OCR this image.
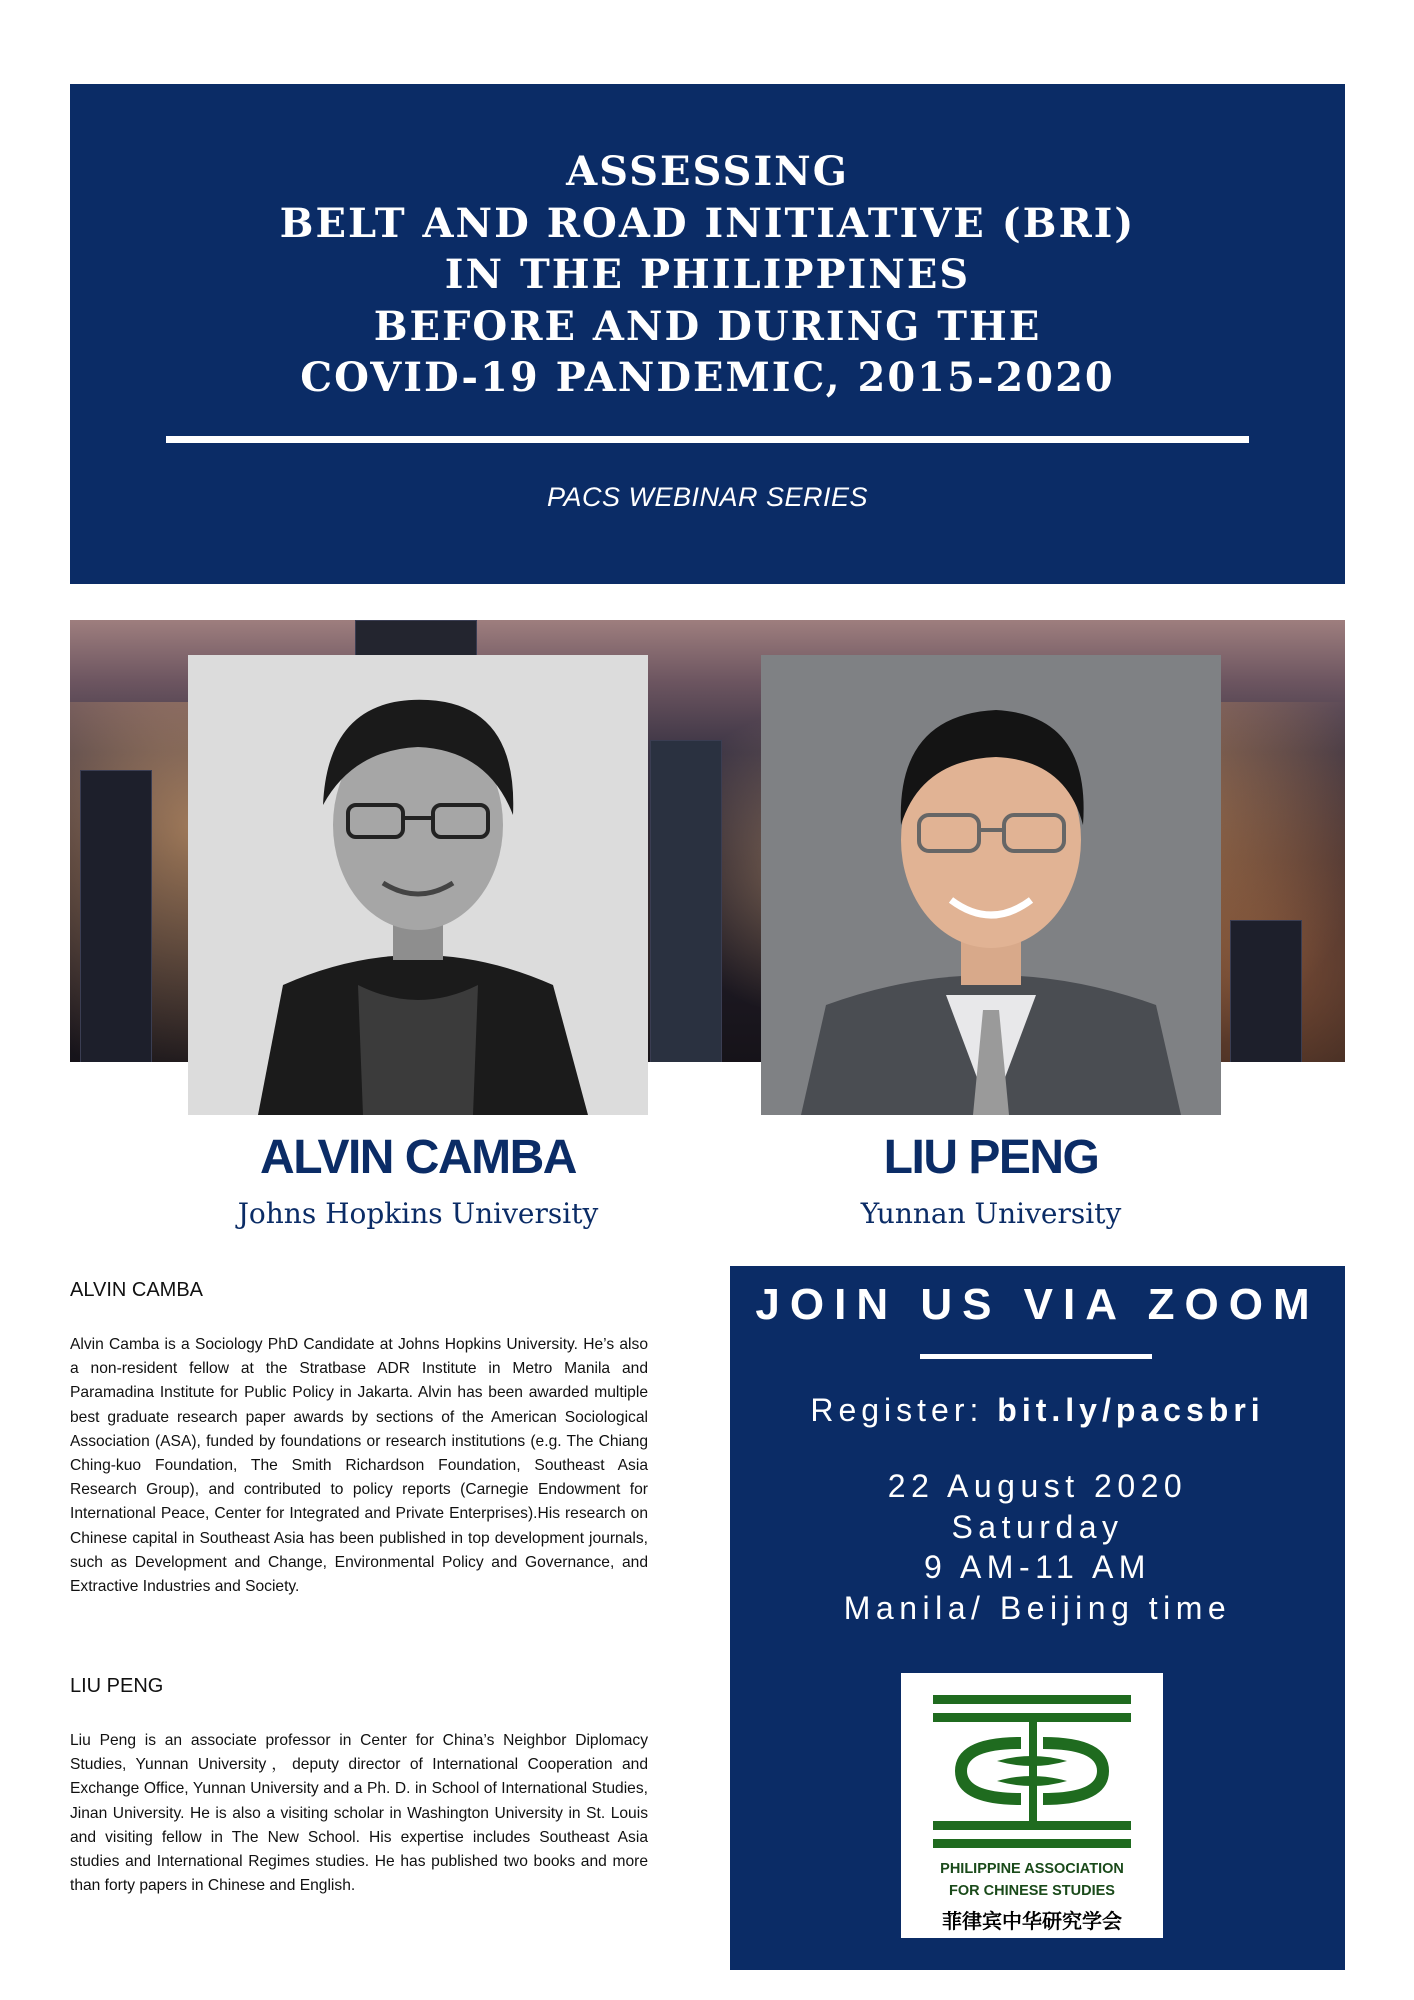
ASSESSING
BELT AND ROAD INITIATIVE (BRI)
IN THE PHILIPPINES
BEFORE AND DURING THE
COVID-19 PANDEMIC, 2015-2020
PACS WEBINAR SERIES
ALVIN CAMBA
Johns Hopkins University
LIU PENG
Yunnan University
ALVIN CAMBA
Alvin Camba is a Sociology PhD Candidate at Johns Hopkins University. He’s also a non-resident fellow at the Stratbase ADR Institute in Metro Manila and Paramadina Institute for Public Policy in Jakarta. Alvin has been awarded multiple best graduate research paper awards by sections of the American Sociological Association (ASA), funded by foundations or research institutions (e.g. The Chiang Ching-kuo Foundation, The Smith Richardson Foundation, Southeast Asia Research Group), and contributed to policy reports (Carnegie Endowment for International Peace, Center for Integrated and Private Enterprises).His research on Chinese capital in Southeast Asia has been published in top development journals, such as Development and Change, Environmental Policy and Governance, and Extractive Industries and Society.
LIU PENG
Liu Peng is an associate professor in Center for China’s Neighbor Diplomacy Studies, Yunnan University，deputy director of International Cooperation and Exchange Office, Yunnan University and a Ph. D. in School of International Studies, Jinan University. He is also a visiting scholar in Washington University in St. Louis and visiting fellow in The New School. His expertise includes Southeast Asia studies and International Regimes studies. He has published two books and more than forty papers in Chinese and English.
JOIN US VIA ZOOM
Register: bit.ly/pacsbri
22 August 2020
Saturday
9 AM-11 AM
Manila/ Beijing time
PHILIPPINE ASSOCIATION
FOR CHINESE STUDIES
菲律宾中华研究学会
